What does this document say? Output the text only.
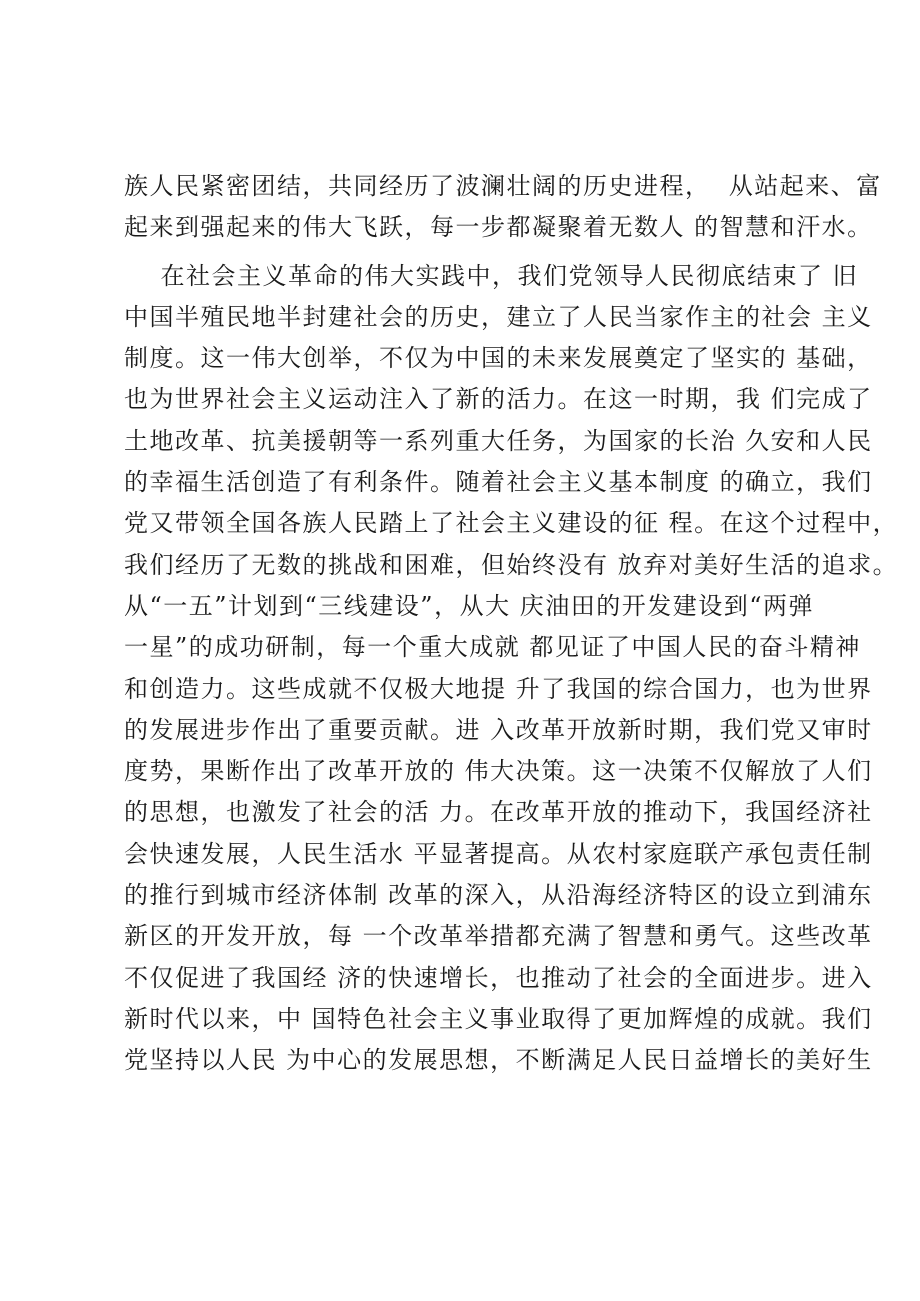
族人民紧密团结，共同经历了波澜壮阔的历史进程，  从站起来、富
起来到强起来的伟大飞跃，每一步都凝聚着无数人 的智慧和汗水。
在社会主义革命的伟大实践中，我们党领导人民彻底结束了 旧
中国半殖民地半封建社会的历史，建立了人民当家作主的社会 主义
制度。这一伟大创举，不仅为中国的未来发展奠定了坚实的 基础，
也为世界社会主义运动注入了新的活力。在这一时期，我 们完成了
土地改革、抗美援朝等一系列重大任务，为国家的长治 久安和人民
的幸福生活创造了有利条件。随着社会主义基本制度 的确立，我们
党又带领全国各族人民踏上了社会主义建设的征 程。在这个过程中，
我们经历了无数的挑战和困难，但始终没有 放弃对美好生活的追求。
从“一五”计划到“三线建设”，从大 庆油田的开发建设到“两弹
一星”的成功研制，每一个重大成就 都见证了中国人民的奋斗精神
和创造力。这些成就不仅极大地提 升了我国的综合国力，也为世界
的发展进步作出了重要贡献。进 入改革开放新时期，我们党又审时
度势，果断作出了改革开放的 伟大决策。这一决策不仅解放了人们
的思想，也激发了社会的活 力。在改革开放的推动下，我国经济社
会快速发展，人民生活水 平显著提高。从农村家庭联产承包责任制
的推行到城市经济体制 改革的深入，从沿海经济特区的设立到浦东
新区的开发开放，每 一个改革举措都充满了智慧和勇气。这些改革
不仅促进了我国经 济的快速增长，也推动了社会的全面进步。进入
新时代以来，中 国特色社会主义事业取得了更加辉煌的成就。我们
党坚持以人民 为中心的发展思想，不断满足人民日益增长的美好生
